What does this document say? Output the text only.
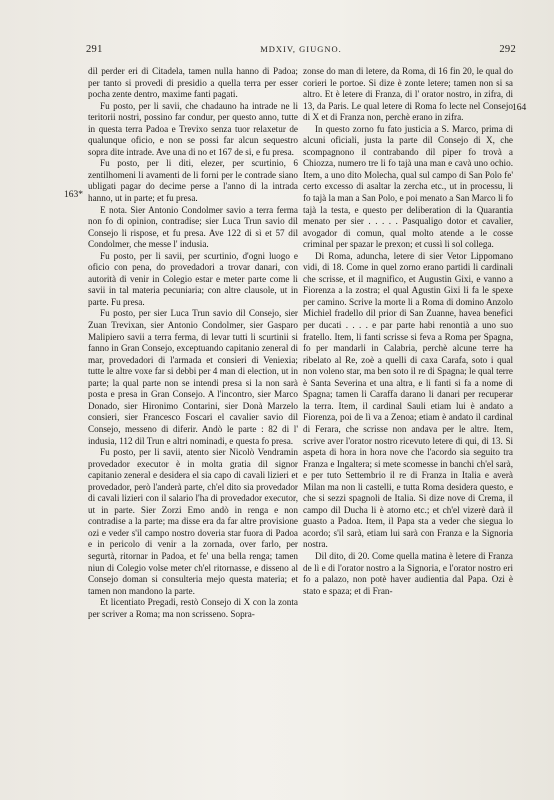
291	MDXIV, GIUGNO.	292
163*
164

dil perder eri di Citadela, tamen nulla hanno di Padoa; per tanto si provedi di presidio a quella terra per esser pocha zente dentro, maxime fanti pagati.

Fu posto, per li savii, che chadauno ha intrade ne li teritorii nostri, possino far condur, per questo anno, tutte in questa terra Padoa e Trevixo senza tuor relaxetur de qualunque oficio, e non se possi far alcun sequestro sopra dite intrade. Ave una di no et 167 de si, e fu presa.

Fu posto, per li diti, elezer, per scurtinio, 6 zentilhomeni li avamenti de li forni per le contrade siano ubligati pagar do decime perse a l'anno di la intrada hanno, ut in parte; et fu presa.

E nota. Sier Antonio Condolmer savio a terra ferma non fo di opinion, contradise; sier Luca Trun savio dil Consejo li rispose, et fu presa. Ave 122 di sì et 57 dil Condolmer, che messe l' indusia.

Fu posto, per li savii, per scurtinio, d'ogni luogo e oficio con pena, do provedadori a trovar danari, con autorità di venir in Colegio estar e meter parte come li savii in tal materia pecuniaria; con altre clausole, ut in parte. Fu presa.

Fu posto, per sier Luca Trun savio dil Consejo, sier Zuan Trevixan, sier Antonio Condolmer, sier Gasparo Malipiero savii a terra ferma, di levar tutti li scurtinii si fanno in Gran Consejo, exceptuando capitanio zeneral di mar, provedadori di l'armada et consieri di Veniexia; tutte le altre voxe far si debbi per 4 man di election, ut in parte; la qual parte non se intendi presa si la non sarà posta e presa in Gran Consejo. A l'incontro, sier Marco Donado, sier Hironimo Contarini, sier Donà Marzelo consieri, sier Francesco Foscari el cavalier savio dil Consejo, messeno di diferir. Andò le parte : 82 di l' indusia, 112 dil Trun e altri nominadi, e questa fo presa.

Fu posto, per li savii, atento sier Nicolò Vendramin provedador executor è in molta gratia dil signor capitanio zeneral e desidera el sia capo di cavali lizieri et provedador, però l'anderà parte, ch'el dito sia provedador di cavali lizieri con il salario l'ha di provedador executor, ut in parte. Sier Zorzi Emo andò in renga e non contradise a la parte; ma disse era da far altre provisione ozi e veder s'il campo nostro doveria star fuora di Padoa e in pericolo di venir a la zornada, over farlo, per segurtà, ritornar in Padoa, et fe' una bella renga; tamen niun di Colegio volse meter ch'el ritornasse, e disseno al Consejo doman si consulteria mejo questa materia; et tamen non mandono la parte.

Et licentiato Pregadi, restò Consejo di X con la zonta per scriver a Roma; ma non scrisseno. Sopra-

zonse do man di letere, da Roma, di 16 fin 20, le qual do corieri le portoe. Si dize è zonte letere; tamen non si sa altro. Et è letere di Franza, di l' orator nostro, in zifra, di 13, da Paris. Le qual letere di Roma fo lecte nel Consejo di X et di Franza non, perchè erano in zifra.

In questo zorno fu fato justicia a S. Marco, prima di alcuni oficiali, justa la parte dil Consejo di X, che scompagnono il contrabando dil piper fo trovà a Chiozza, numero tre li fo tajà una man e cavà uno ochio. Item, a uno dito Molecha, qual sul campo di San Polo fe' certo excesso di asaltar la zercha etc., ut in processu, li fo tajà la man a San Polo, e poi menato a San Marco li fo tajà la testa, e questo per deliberation di la Quarantia menato per sier . . . . . Pasqualigo dotor et cavalier, avogador di comun, qual molto atende a le cosse criminal per spazar le prexon; et cussì li sol collega.

Di Roma, aduncha, letere di sier Vetor Lippomano vidi, di 18. Come in quel zorno erano partidi li cardinali che scrisse, et il magnifico, et Augustin Gixi, e vanno a Fiorenza a la zostra; el qual Agustin Gixi li fa le spexe per camino. Scrive la morte li a Roma di domino Anzolo Michiel fradello dil prior di San Zuanne, havea benefici per ducati . . . . e par parte habi renontià a uno suo fratello. Item, li fanti scrisse si feva a Roma per Spagna, fo per mandarli in Calabria, perchè alcune terre ha ribelato al Re, zoè a quelli di caxa Carafa, soto i qual non voleno star, ma ben soto il re di Spagna; le qual terre è Santa Severina et una altra, e li fanti si fa a nome di Spagna; tamen li Caraffa darano li danari per recuperar la terra. Item, il cardinal Sauli etiam lui è andato a Fiorenza, poi de lì va a Zenoa; etiam è andato il cardinal di Ferara, che scrisse non andava per le altre. Item, scrive aver l'orator nostro ricevuto letere di qui, di 13. Si aspeta di hora in hora nove che l'acordo sia seguito tra Franza e Ingaltera; si mete scomesse in banchi ch'el sarà, e per tuto Settembrio il re di Franza in Italia e averà Milan ma non li castelli, e tutta Roma desidera questo, e che si sezzi spagnoli de Italia. Si dize nove di Crema, il campo dil Ducha li è atorno etc.; et ch'el vizerè darà il guasto a Padoa. Item, il Papa sta a veder che siegua lo acordo; s'il sarà, etiam lui sarà con Franza e la Signoria nostra.

Dil dito, di 20. Come quella matina è letere di Franza de lì e di l'orator nostro a la Signoria, e l'orator nostro eri fo a palazo, non potè haver audientia dal Papa. Ozi è stato e spaza; et di Fran-
